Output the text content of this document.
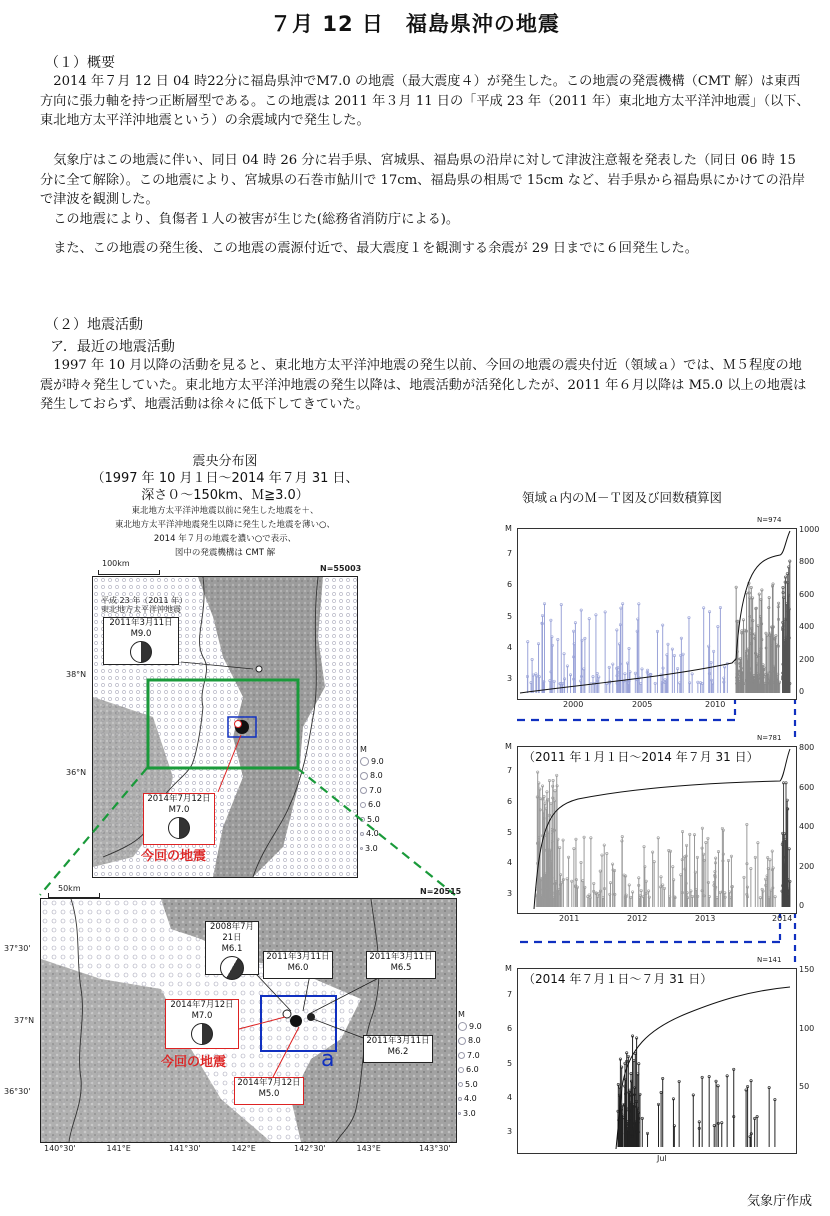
７月 12 日　福島県沖の地震
（１）概要

2014 年７月 12 日 04 時22分に福島県沖でM7.0 の地震（最大震度４）が発生した。この地震の発震機構（CMT 解）は東西方向に張力軸を持つ正断層型である。この地震は 2011 年３月 11 日の「平成 23 年（2011 年）東北地方太平洋沖地震」（以下、東北地方太平洋沖地震という）の余震域内で発生した。

気象庁はこの地震に伴い、同日 04 時 26 分に岩手県、宮城県、福島県の沿岸に対して津波注意報を発表した（同日 06 時 15 分に全て解除）。この地震により、宮城県の石巻市鮎川で 17cm、福島県の相馬で 15cm など、岩手県から福島県にかけての沿岸で津波を観測した。

この地震により、負傷者１人の被害が生じた(総務省消防庁による)。

また、この地震の発生後、この地震の震源付近で、最大震度１を観測する余震が 29 日までに６回発生した。

（２）地震活動
ア．最近の地震活動

1997 年 10 月以降の活動を見ると、東北地方太平洋沖地震の発生以前、今回の地震の震央付近（領域ａ）では、Ｍ５程度の地震が時々発生していた。東北地方太平洋沖地震の発生以降は、地震活動が活発化したが、2011 年６月以降は M5.0 以上の地震は発生しておらず、地震活動は徐々に低下してきていた。

震央分布図
（1997 年 10 月１日～2014 年７月 31 日、
深さ０～150km、Ｍ≧3.0）
東北地方太平洋沖地震以前に発生した地震を＋、
東北地方太平洋沖地震発生以降に発生した地震を薄い○、
2014 年７月の地震を濃い○で表示、
図中の発震機構は CMT 解
100km
N=55003
平成 23 年（2011 年）
東北地方太平洋沖地震
2011年3月11日
M9.0
2014年7月12日
M7.0
今回の地震
38°N
36°N
M
9.0
8.0
7.0
6.0
5.0
4.0
3.0
50km	N=20515
2008年7月21日
M6.1
2011年3月11日
M6.0
2011年3月11日
M6.5
2011年3月11日
M6.2
2014年7月12日
M7.0
今回の地震
2014年7月12日
M5.0
a
37°30'
37°N
36°30'
140°30'	141°E	141°30'	142°E	142°30'	143°E	143°30'
M
9.0
8.0
7.0
6.0
5.0
4.0
3.0
領域ａ内のＭ－Ｔ図及び回数積算図
気象庁作成
M
N=974
3
4
5
6
7
0
200
400
600
800
1000
2000	2005	2010
M
N=781
3
4
5
6
7
0
200
400
600
800
2011	2012	2013	2014
（2011 年１月１日～2014 年７月 31 日）
M
N=141
3
4
5
6
7
50
100
150
Jul
（2014 年７月１日～７月 31 日）
